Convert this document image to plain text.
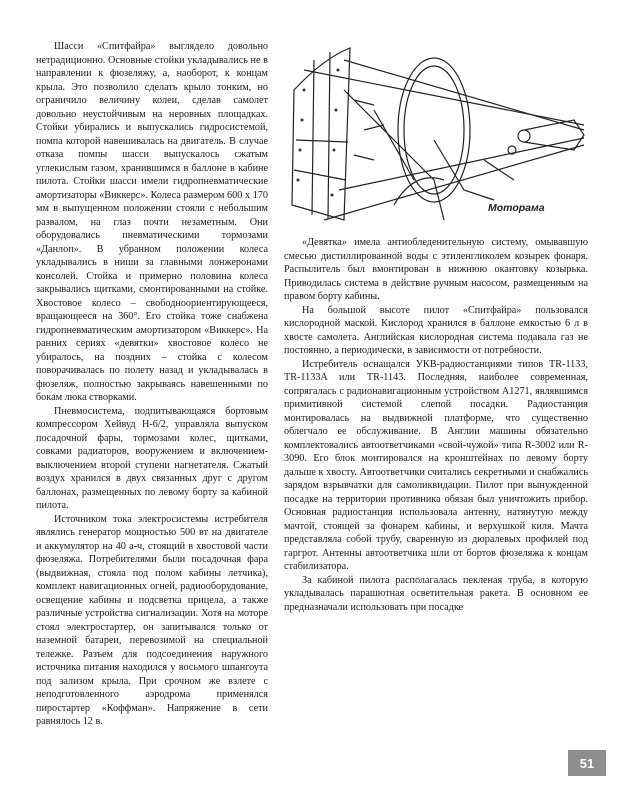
Шасси «Спитфайра» выглядело довольно нетрадиционно. Основные стойки укладывались не в направлении к фюзеляжу, а, наоборот, к концам крыла. Это позволило сделать крыло тонким, но ограничило величину колеи, сделав самолет довольно неустойчивым на неровных площадках. Стойки убирались и выпускались гидросистемой, помпа которой навешивалась на двигатель. В случае отказа помпы шасси выпускалось сжатым углекислым газом, хранившимся в баллоне в кабине пилота. Стойки шасси имели гидропневматические амортизаторы «Виккерс». Колеса размером 600 х 170 мм в выпущенном положении стояли с небольшим развалом, на глаз почти незаметным. Они оборудовались пневматическими тормозами «Данлоп». В убранном положении колеса укладывались в ниши за главными лонжеронами консолей. Стойка и примерно половина колеса закрывались щитками, смонтированными на стойке. Хвостовое колесо – свободноориентирующееся, вращающееся на 360°. Его стойка тоже снабжена гидропневматическим амортизатором «Виккерс». На ранних сериях «девятки» хвостовое колесо не убиралось, на поздних – стойка с колесом поворачивалась по полету назад и укладывалась в фюзеляж, полностью закрываясь навешенными по бокам люка створками.

Пневмосистема, подпитывающаяся бортовым компрессором Хейвуд Н-6/2, управляла выпуском посадочной фары, тормозами колес, щитками, совками радиаторов, вооружением и включением-выключением второй ступени нагнетателя. Сжатый воздух хранился в двух связанных друг с другом баллонах, размещенных по левому борту за кабиной пилота.

Источником тока электросистемы истребителя являлись генератор мощностью 500 вт на двигателе и аккумулятор на 40 а-ч, стоящий в хвостовой части фюзеляжа. Потребителями были посадочная фара (выдвижная, стояла под полом кабины летчика), комплект навигационных огней, радиооборудование, освещение кабины и подсветка прицела, а также различные устройства сигнализации. Хотя на моторе стоял электростартер, он запитывался только от наземной батареи, перевозимой на специальной тележке. Разъем для подсоединения наружного источника питания находился у восьмого шпангоута под зализом крыла. При срочном же взлете с неподготовленного аэродрома применялся пиростартер «Коффман». Напряжение в сети равнялось 12 в.

Моторама

«Девятка» имела антиобледенительную систему, омывавшую смесью дистиллированной воды с этиленгликолем козырек фонаря. Распылитель был вмонтирован в нижнюю окантовку козырька. Приводилась система в действие ручным насосом, размещенным на правом борту кабины.

На большой высоте пилот «Спитфайра» пользовался кислородной маской. Кислород хранился в баллоне емкостью 6 л в хвосте самолета. Английская кислородная система подавала газ не постоянно, а периодически, в зависимости от потребности.

Истребитель оснащался УКВ-радиостанциями типов TR-1133, TR-1133A или TR-1143. Последняя, наиболее современная, сопрягалась с радионавигационным устройством А1271, являвшимся примитивной системой слепой посадки. Радиостанция монтировалась на выдвижной платформе, что существенно облегчало ее обслуживание. В Англии машины обязательно комплектовались автоответчиками «свой-чужой» типа R-3002 или R-3090. Его блок монтировался на кронштейнах по левому борту дальше к хвосту. Автоответчики считались секретными и снабжались зарядом взрывчатки для самоликвидации. Пилот при вынужденной посадке на территории противника обязан был уничтожить прибор. Основная радиостанция использовала антенну, натянутую между мачтой, стоящей за фонарем кабины, и верхушкой киля. Мачта представляла собой трубу, сваренную из дюралевых профилей под гаргрот. Антенны автоответчика шли от бортов фюзеляжа к концам стабилизатора.

За кабиной пилота располагалась пекленая труба, в которую укладывалась парашютная осветительная ракета. В основном ее предназначали использовать при посадке

51
